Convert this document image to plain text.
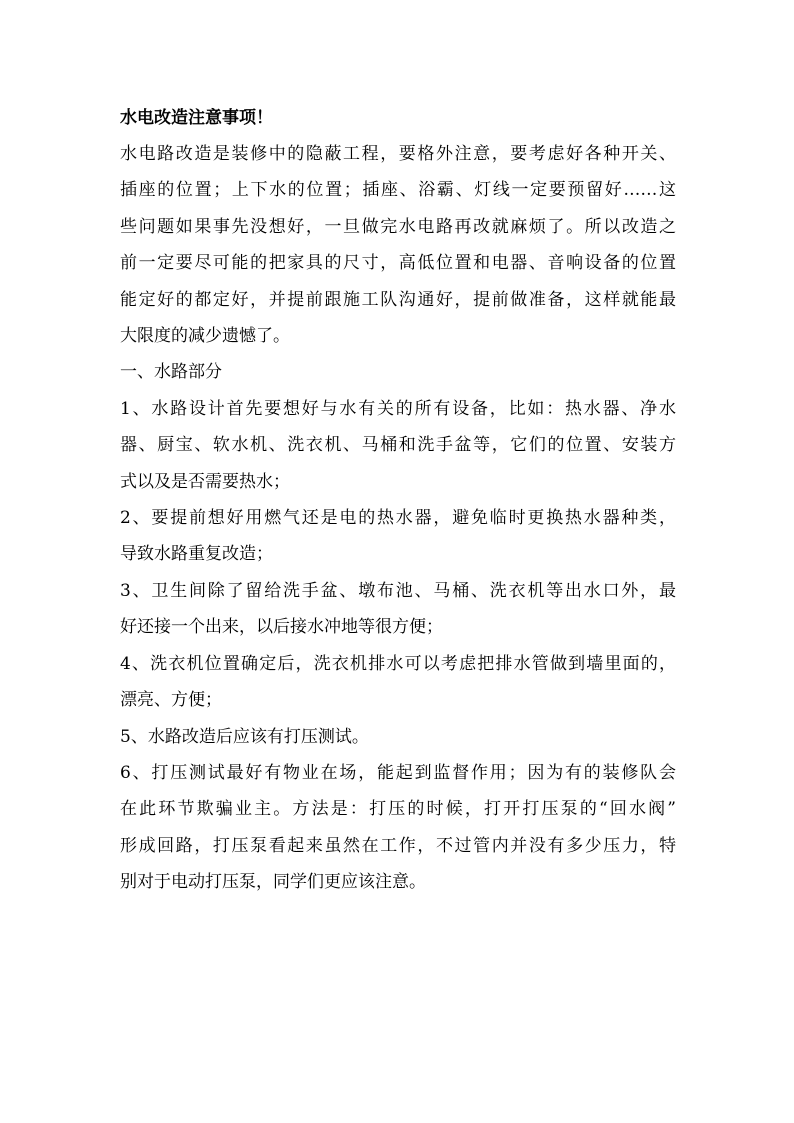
水电改造注意事项！

水电路改造是装修中的隐蔽工程，要格外注意，要考虑好各种开关、
插座的位置；上下水的位置；插座、浴霸、灯线一定要预留好……这
些问题如果事先没想好，一旦做完水电路再改就麻烦了。所以改造之
前一定要尽可能的把家具的尺寸，高低位置和电器、音响设备的位置
能定好的都定好，并提前跟施工队沟通好，提前做准备，这样就能最
大限度的减少遗憾了。

一、水路部分

1、水路设计首先要想好与水有关的所有设备，比如：热水器、净水
器、厨宝、软水机、洗衣机、马桶和洗手盆等，它们的位置、安装方
式以及是否需要热水；

2、要提前想好用燃气还是电的热水器，避免临时更换热水器种类，
导致水路重复改造；

3、卫生间除了留给洗手盆、墩布池、马桶、洗衣机等出水口外，最
好还接一个出来，以后接水冲地等很方便；

4、洗衣机位置确定后，洗衣机排水可以考虑把排水管做到墙里面的，
漂亮、方便；

5、水路改造后应该有打压测试。

6、打压测试最好有物业在场，能起到监督作用；因为有的装修队会
在此环节欺骗业主。方法是：打压的时候，打开打压泵的“回水阀”
形成回路，打压泵看起来虽然在工作，不过管内并没有多少压力，特
别对于电动打压泵，同学们更应该注意。
